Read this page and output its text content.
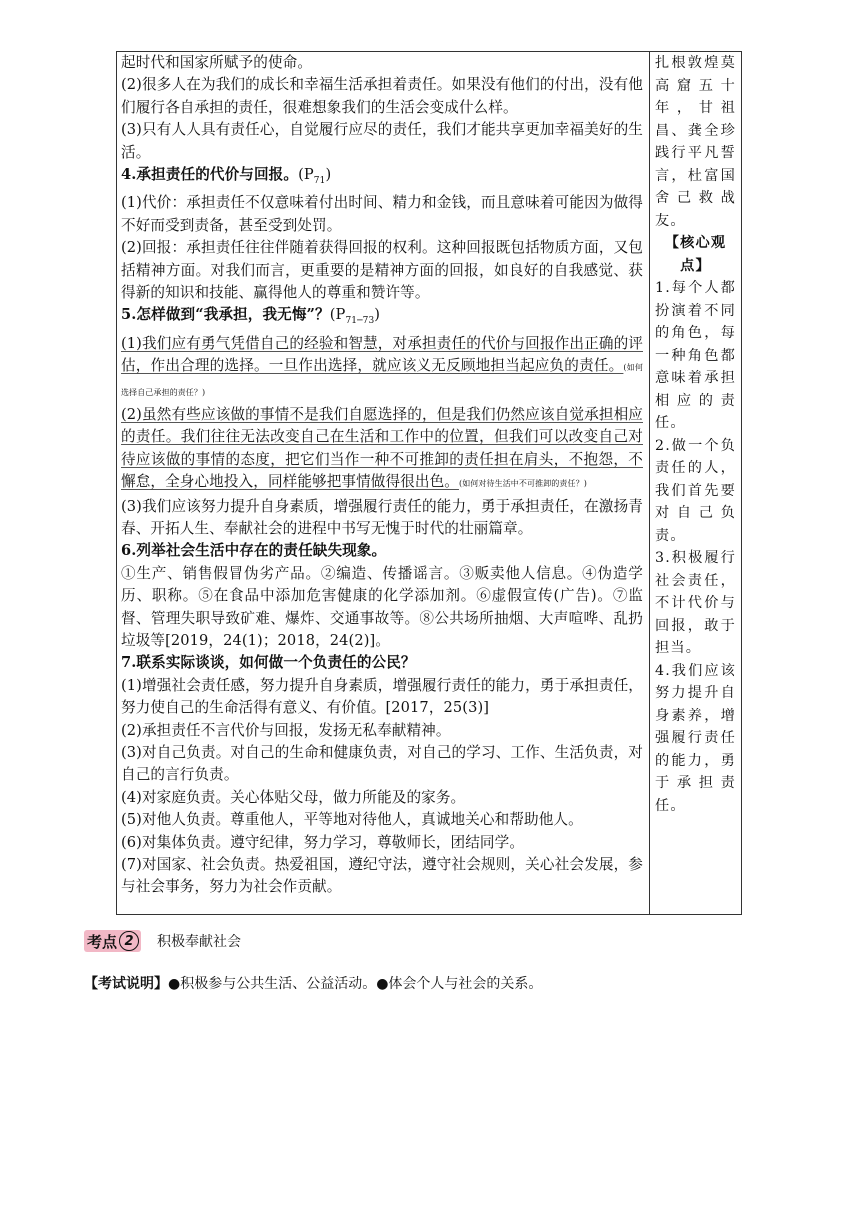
起时代和国家所赋予的使命。

(2)很多人在为我们的成长和幸福生活承担着责任。如果没有他们的付出，没有他们履行各自承担的责任，很难想象我们的生活会变成什么样。

(3)只有人人具有责任心，自觉履行应尽的责任，我们才能共享更加幸福美好的生活。

4.承担责任的代价与回报。$(P_{71})$

(1)代价：承担责任不仅意味着付出时间、精力和金钱，而且意味着可能因为做得不好而受到责备，甚至受到处罚。

(2)回报：承担责任往往伴随着获得回报的权利。这种回报既包括物质方面，又包括精神方面。对我们而言，更重要的是精神方面的回报，如良好的自我感觉、获得新的知识和技能、赢得他人的尊重和赞许等。

5.怎样做到“我承担，我无悔”？$(P_{71─73})$

(1)我们应有勇气凭借自己的经验和智慧，对承担责任的代价与回报作出正确的评估，作出合理的选择。一旦作出选择，就应该义无反顾地担当起应负的责任。(如何选择自己承担的责任？)

(2)虽然有些应该做的事情不是我们自愿选择的，但是我们仍然应该自觉承担相应的责任。我们往往无法改变自己在生活和工作中的位置，但我们可以改变自己对待应该做的事情的态度，把它们当作一种不可推卸的责任担在肩头，不抱怨，不懈怠，全身心地投入，同样能够把事情做得很出色。(如何对待生活中不可推卸的责任？)

(3)我们应该努力提升自身素质，增强履行责任的能力，勇于承担责任，在激扬青春、开拓人生、奉献社会的进程中书写无愧于时代的壮丽篇章。

6.列举社会生活中存在的责任缺失现象。

①生产、销售假冒伪劣产品。②编造、传播谣言。③贩卖他人信息。④伪造学历、职称。⑤在食品中添加危害健康的化学添加剂。⑥虚假宣传(广告)。⑦监督、管理失职导致矿难、爆炸、交通事故等。⑧公共场所抽烟、大声喧哗、乱扔垃圾等[2019，24(1)；2018，24(2)]。

7.联系实际谈谈，如何做一个负责任的公民？

(1)增强社会责任感，努力提升自身素质，增强履行责任的能力，勇于承担责任，努力使自己的生命活得有意义、有价值。[2017，25(3)]

(2)承担责任不言代价与回报，发扬无私奉献精神。

(3)对自己负责。对自己的生命和健康负责，对自己的学习、工作、生活负责，对自己的言行负责。

(4)对家庭负责。关心体贴父母，做力所能及的家务。

(5)对他人负责。尊重他人，平等地对待他人，真诚地关心和帮助他人。

(6)对集体负责。遵守纪律，努力学习，尊敬师长，团结同学。

(7)对国家、社会负责。热爱祖国，遵纪守法，遵守社会规则，关心社会发展，参与社会事务，努力为社会作贡献。

扎根敦煌莫高窟五十年，甘祖昌、龚全珍践行平凡誓言，杜富国舍己救战友。

【核心观点】

1.每个人都扮演着不同的角色，每一种角色都意味着承担相应的责任。

2.做一个负责任的人，我们首先要对自己负责。

3.积极履行社会责任，不计代价与回报，敢于担当。

4.我们应该努力提升自身素养，增强履行责任的能力，勇于承担责任。

考点 2	积极奉献社会
【考试说明】●积极参与公共生活、公益活动。●体会个人与社会的关系。
